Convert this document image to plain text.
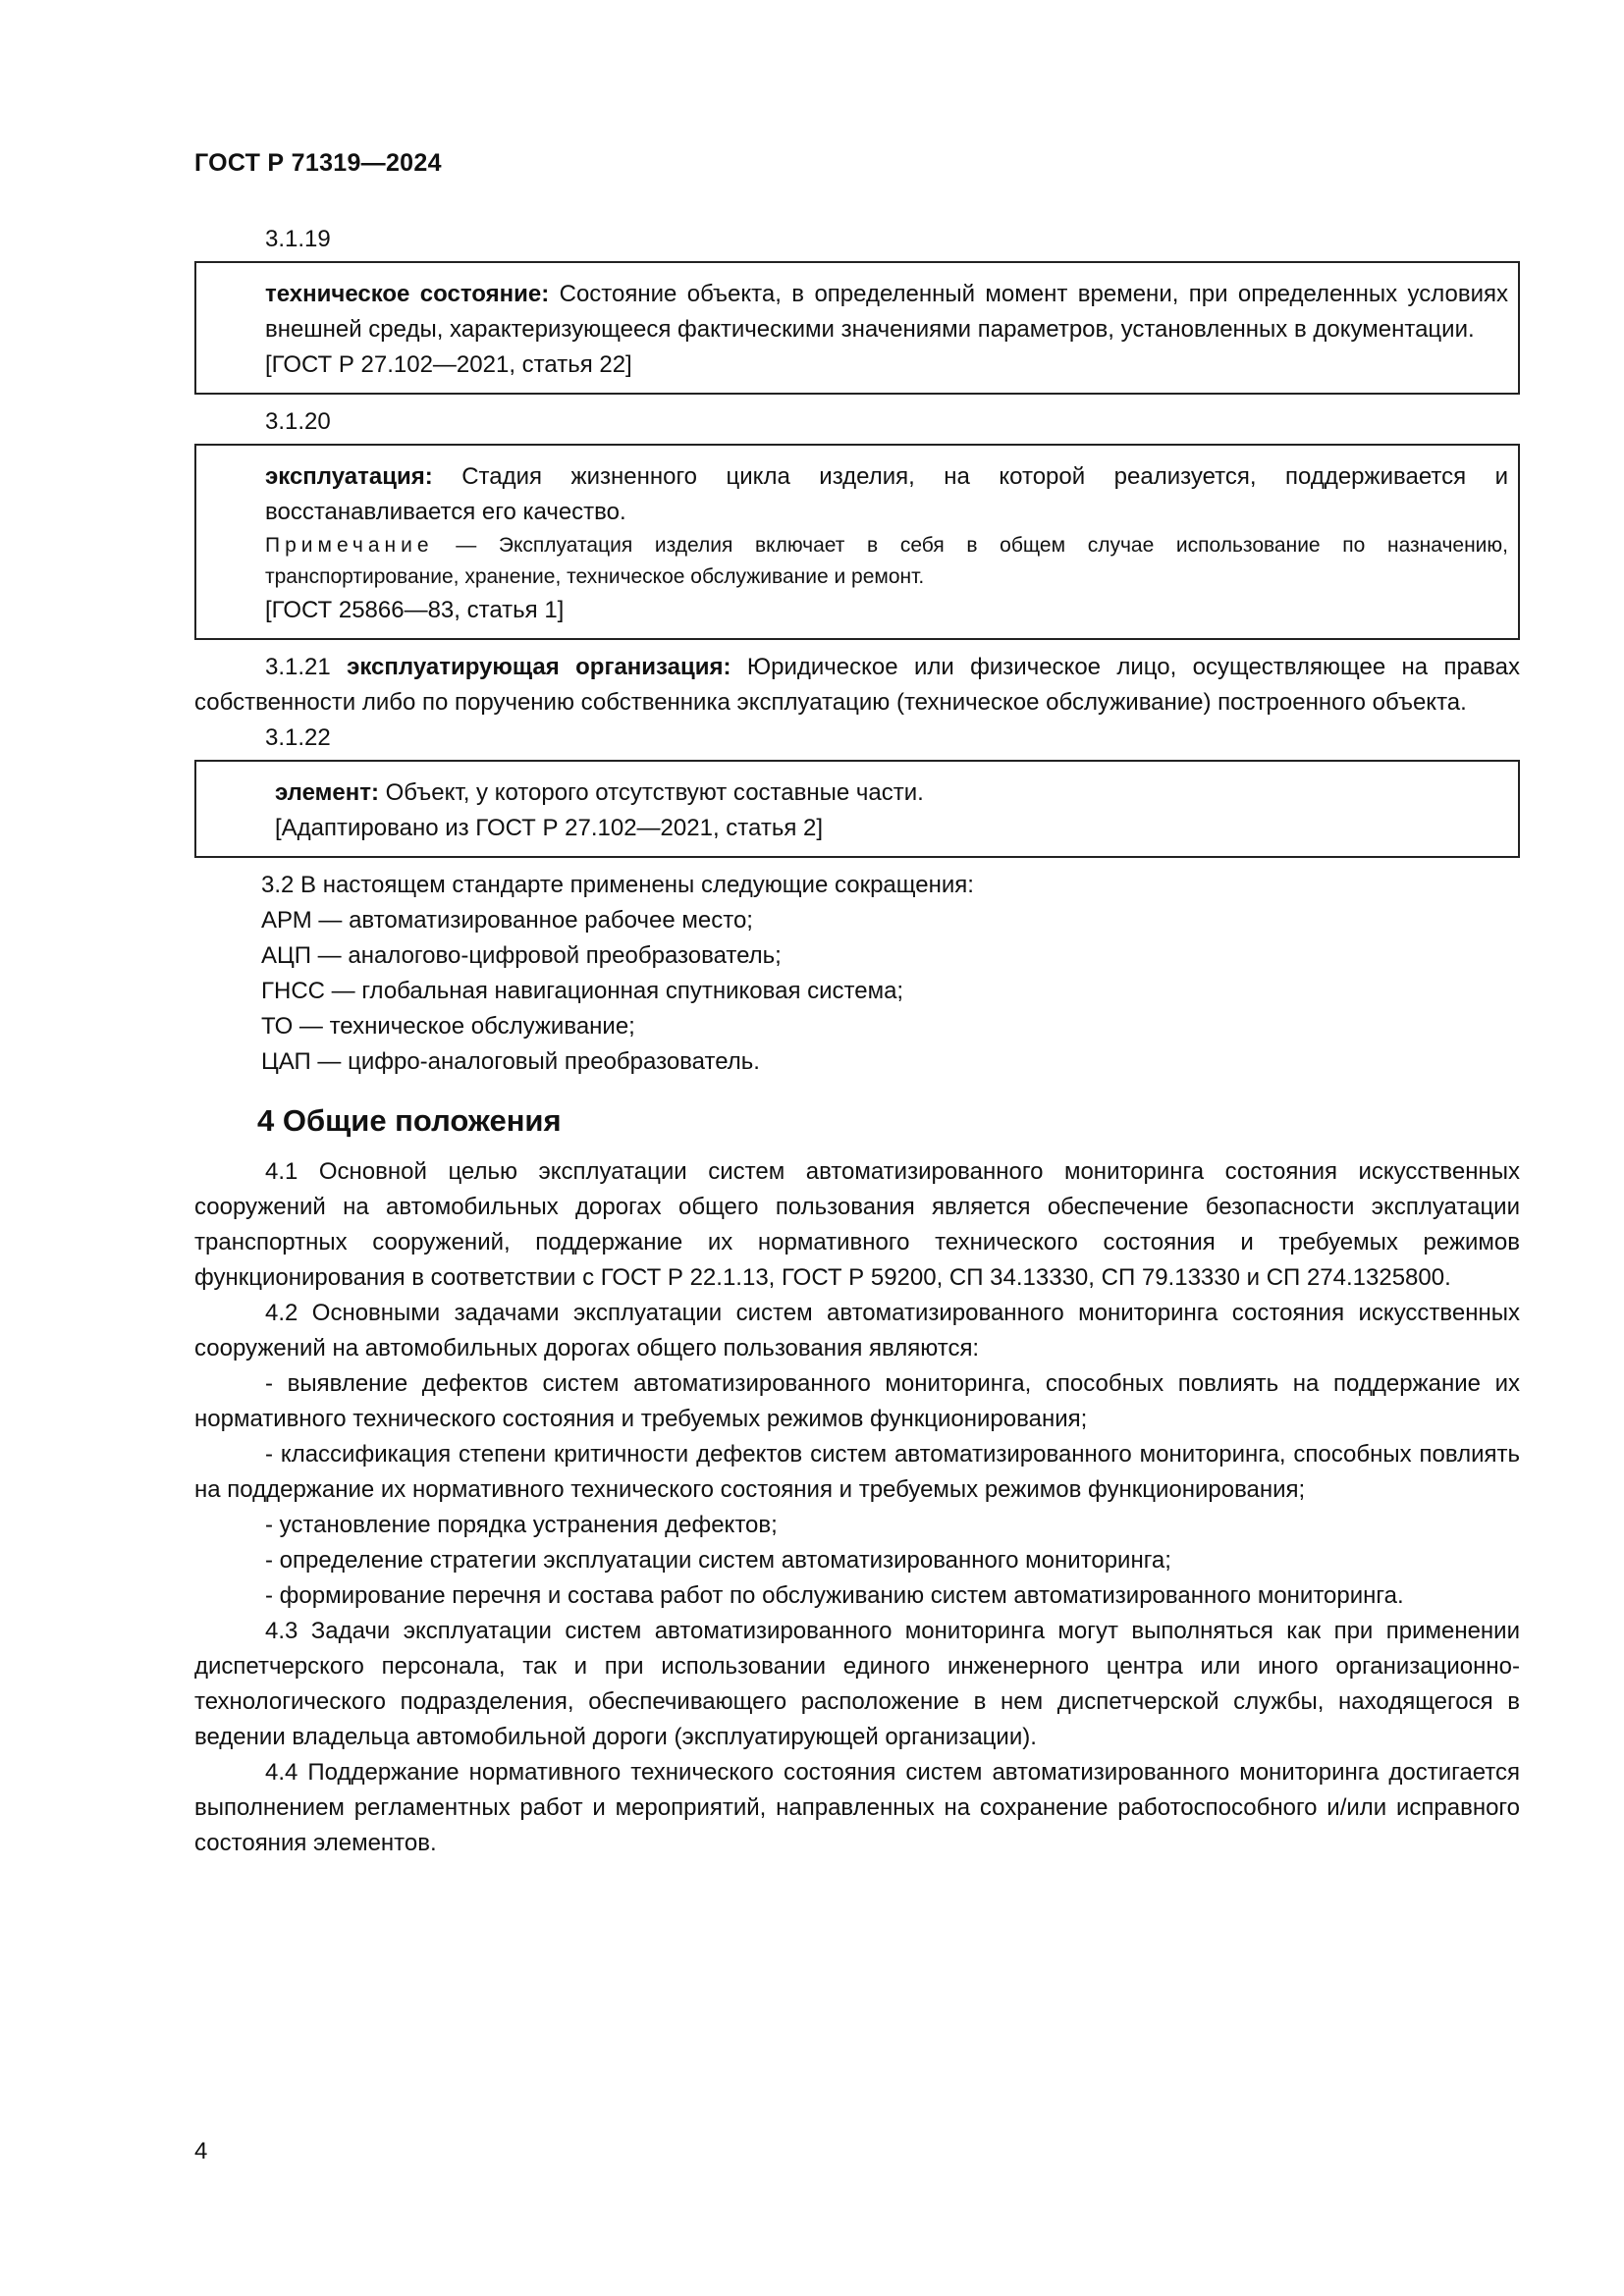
ГОСТ Р 71319—2024

3.1.19

техническое состояние: Состояние объекта, в определенный момент времени, при определенных условиях внешней среды, характеризующееся фактическими значениями параметров, установленных в документации.

[ГОСТ Р 27.102—2021, статья 22]

3.1.20

эксплуатация: Стадия жизненного цикла изделия, на которой реализуется, поддерживается и восстанавливается его качество.

Примечание — Эксплуатация изделия включает в себя в общем случае использование по назначению, транспортирование, хранение, техническое обслуживание и ремонт.

[ГОСТ 25866—83, статья 1]

3.1.21 эксплуатирующая организация: Юридическое или физическое лицо, осуществляющее на правах собственности либо по поручению собственника эксплуатацию (техническое обслуживание) построенного объекта.

3.1.22

элемент: Объект, у которого отсутствуют составные части.

[Адаптировано из ГОСТ Р 27.102—2021, статья 2]

3.2 В настоящем стандарте применены следующие сокращения:

АРМ — автоматизированное рабочее место;

АЦП — аналогово-цифровой преобразователь;

ГНСС — глобальная навигационная спутниковая система;

ТО — техническое обслуживание;

ЦАП — цифро-аналоговый преобразователь.

4 Общие положения

4.1 Основной целью эксплуатации систем автоматизированного мониторинга состояния искусственных сооружений на автомобильных дорогах общего пользования является обеспечение безопасности эксплуатации транспортных сооружений, поддержание их нормативного технического состояния и требуемых режимов функционирования в соответствии с ГОСТ Р 22.1.13, ГОСТ Р 59200, СП 34.13330, СП 79.13330 и СП 274.1325800.

4.2 Основными задачами эксплуатации систем автоматизированного мониторинга состояния искусственных сооружений на автомобильных дорогах общего пользования являются:

- выявление дефектов систем автоматизированного мониторинга, способных повлиять на поддержание их нормативного технического состояния и требуемых режимов функционирования;

- классификация степени критичности дефектов систем автоматизированного мониторинга, способных повлиять на поддержание их нормативного технического состояния и требуемых режимов функционирования;

- установление порядка устранения дефектов;

- определение стратегии эксплуатации систем автоматизированного мониторинга;

- формирование перечня и состава работ по обслуживанию систем автоматизированного мониторинга.

4.3 Задачи эксплуатации систем автоматизированного мониторинга могут выполняться как при применении диспетчерского персонала, так и при использовании единого инженерного центра или иного организационно-технологического подразделения, обеспечивающего расположение в нем диспетчерской службы, находящегося в ведении владельца автомобильной дороги (эксплуатирующей организации).

4.4 Поддержание нормативного технического состояния систем автоматизированного мониторинга достигается выполнением регламентных работ и мероприятий, направленных на сохранение работоспособного и/или исправного состояния элементов.

4
